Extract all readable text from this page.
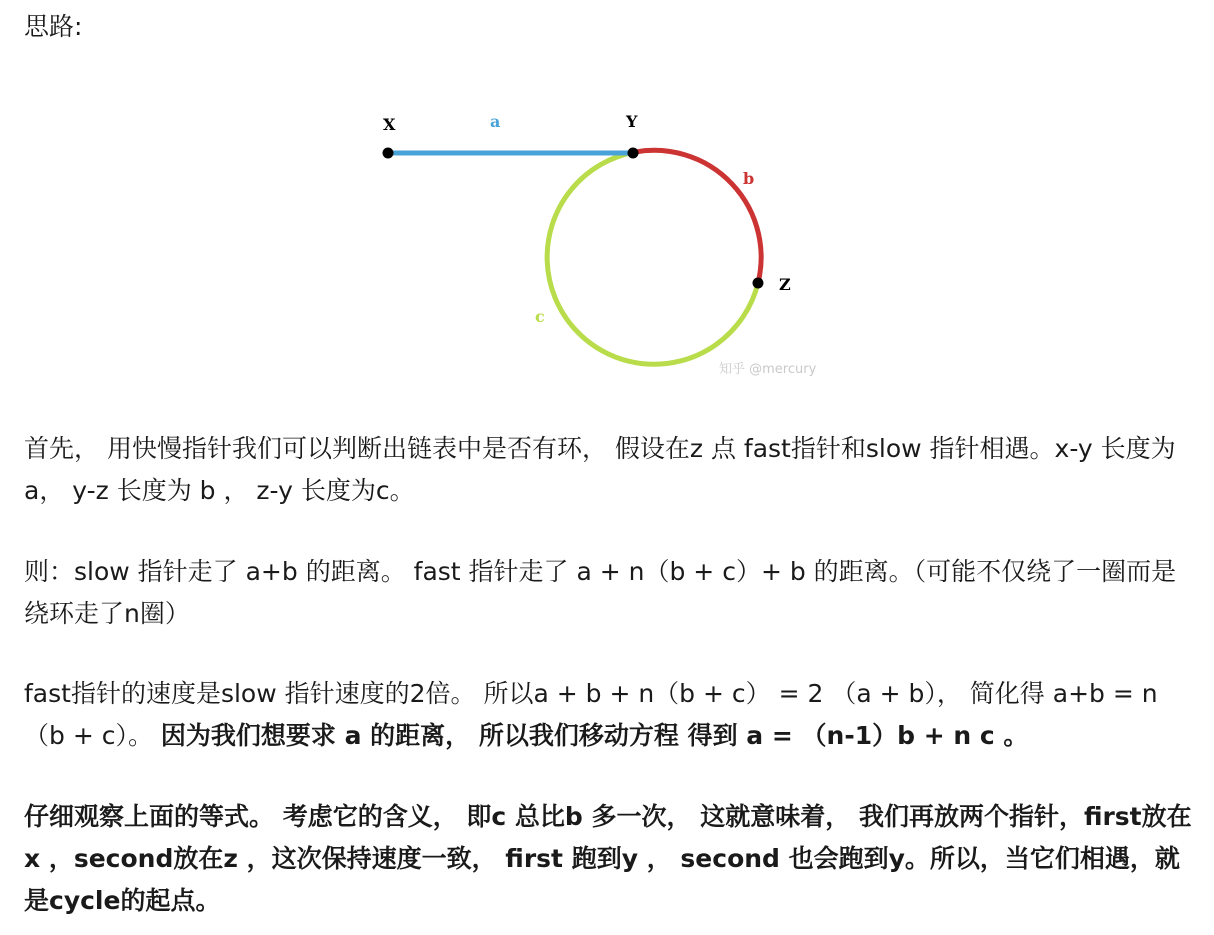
思路:
X	a	Y
b
Z
c
知乎 @mercury

首先， 用快慢指针我们可以判断出链表中是否有环， 假设在z 点 fast指针和slow 指针相遇。x-y 长度为a， y-z 长度为 b ， z-y 长度为c。

则：slow 指针走了 a+b 的距离。 fast 指针走了 a + n（b + c）+ b 的距离。（可能不仅绕了一圈而是绕环走了n圈）

fast指针的速度是slow 指针速度的2倍。 所以a + b + n（b + c） = 2 （a + b）， 简化得 a+b = n（b + c）。 因为我们想要求 a 的距离， 所以我们移动方程 得到 a = （n-1）b + n c 。

仔细观察上面的等式。 考虑它的含义， 即c 总比b 多一次， 这就意味着， 我们再放两个指针，first放在x ，second放在z ，这次保持速度一致， first 跑到y ， second 也会跑到y。所以，当它们相遇，就是cycle的起点。
